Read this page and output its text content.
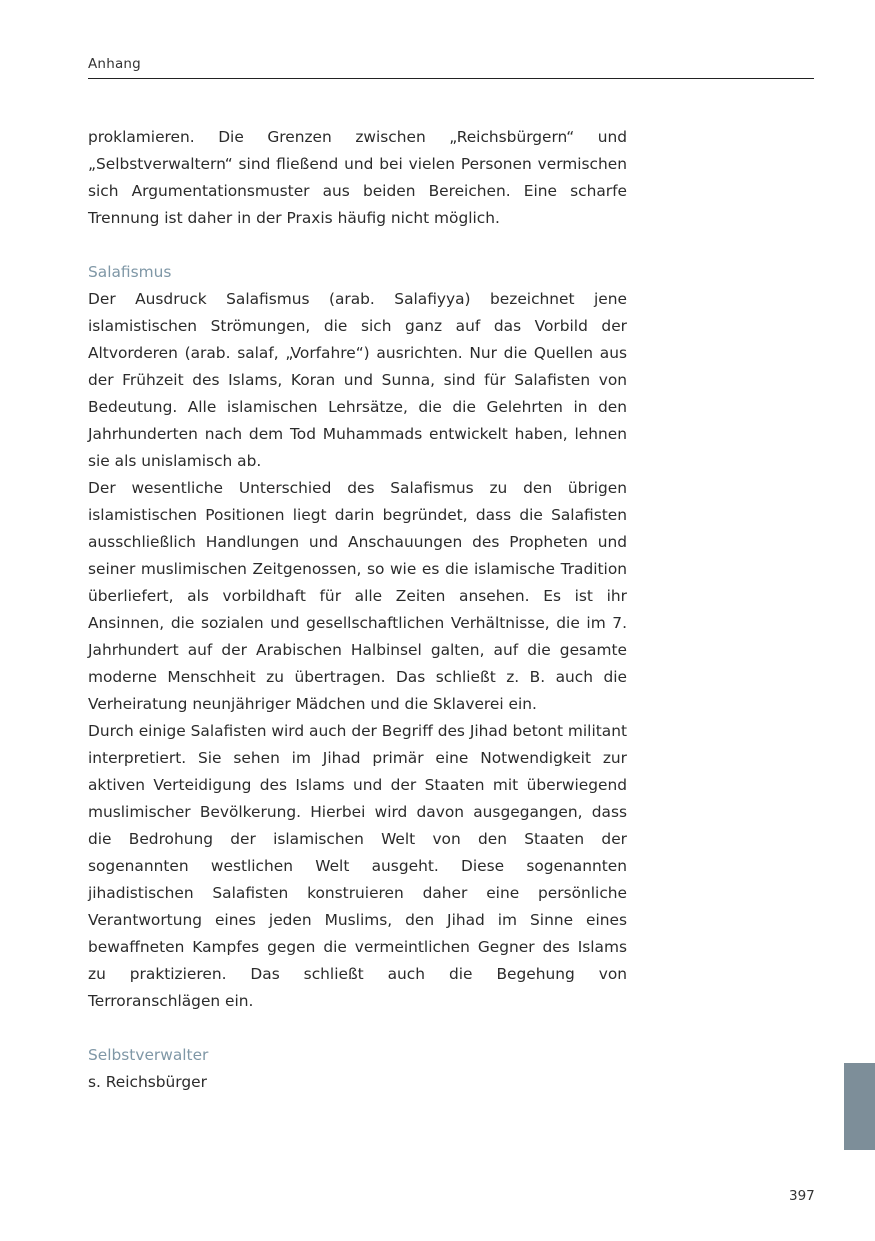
Anhang

proklamieren. Die Grenzen zwischen „Reichsbürgern“ und „Selbstverwaltern“ sind fließend und bei vielen Personen vermischen sich Argumentationsmuster aus beiden Bereichen. Eine scharfe Trennung ist daher in der Praxis häufig nicht möglich.

Salafismus

Der Ausdruck Salafismus (arab. Salafiyya) bezeichnet jene islamistischen Strömungen, die sich ganz auf das Vorbild der Altvorderen (arab. salaf, „Vorfahre“) ausrichten. Nur die Quellen aus der Frühzeit des Islams, Koran und Sunna, sind für Salafisten von Bedeutung. Alle islamischen Lehrsätze, die die Gelehrten in den Jahrhunderten nach dem Tod Muhammads entwickelt haben, lehnen sie als unislamisch ab.

Der wesentliche Unterschied des Salafismus zu den übrigen islamistischen Positionen liegt darin begründet, dass die Salafisten ausschließlich Handlungen und Anschauungen des Propheten und seiner muslimischen Zeitgenossen, so wie es die islamische Tradition überliefert, als vorbildhaft für alle Zeiten ansehen. Es ist ihr Ansinnen, die sozialen und gesellschaftlichen Verhältnisse, die im 7. Jahrhundert auf der Arabischen Halbinsel galten, auf die gesamte moderne Menschheit zu übertragen. Das schließt z. B. auch die Verheiratung neunjähriger Mädchen und die Sklaverei ein.

Durch einige Salafisten wird auch der Begriff des Jihad betont militant interpretiert. Sie sehen im Jihad primär eine Notwendigkeit zur aktiven Verteidigung des Islams und der Staaten mit überwiegend muslimischer Bevölkerung. Hierbei wird davon ausgegangen, dass die Bedrohung der islamischen Welt von den Staaten der sogenannten westlichen Welt ausgeht. Diese sogenannten jihadistischen Salafisten konstruieren daher eine persönliche Verantwortung eines jeden Muslims, den Jihad im Sinne eines bewaffneten Kampfes gegen die vermeintlichen Gegner des Islams zu praktizieren. Das schließt auch die Begehung von Terroranschlägen ein.

Selbstverwalter

s. Reichsbürger

397
